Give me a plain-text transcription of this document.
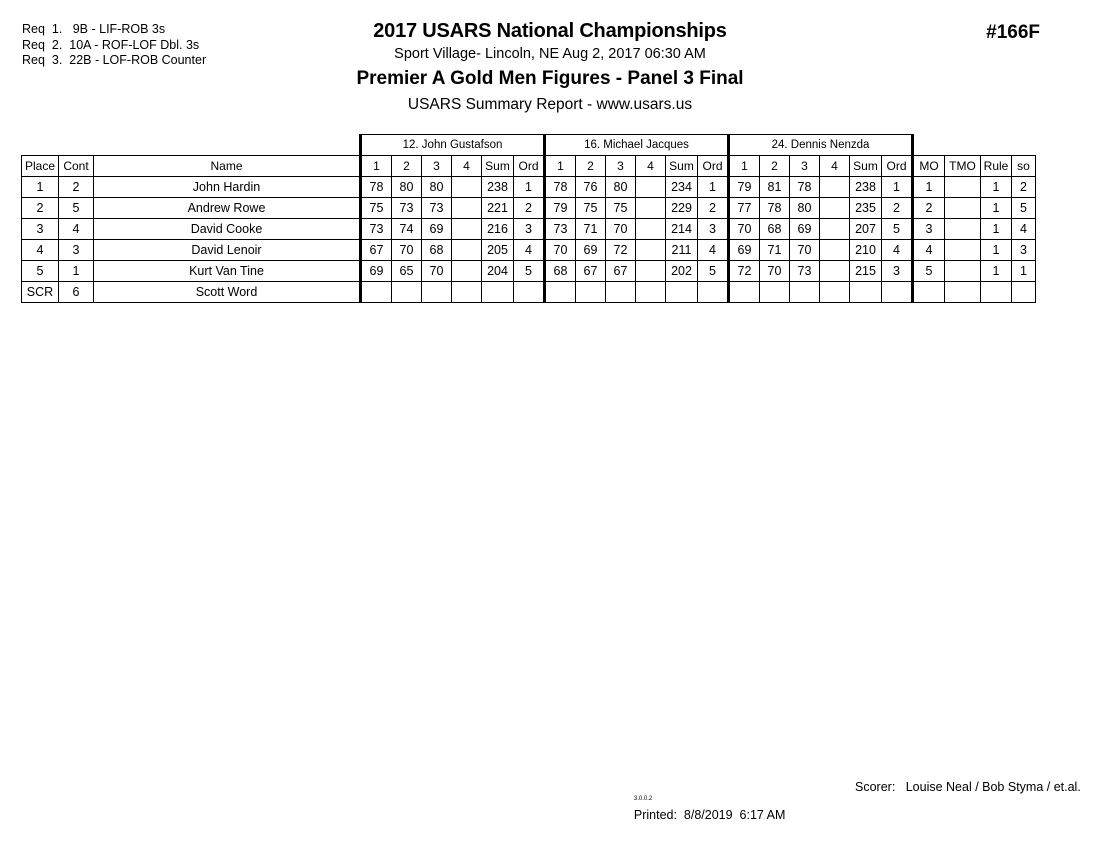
Req  1.   9B - LIF-ROB 3s
Req  2.  10A - ROF-LOF Dbl. 3s
Req  3.  22B - LOF-ROB Counter
2017 USARS National Championships
Sport Village- Lincoln, NE Aug 2, 2017 06:30 AM
Premier A Gold Men Figures - Panel 3 Final
USARS Summary Report - www.usars.us
#166F
			12. John Gustafson						16. Michael Jacques						24. Dennis Nenzda									
Place	Cont	Name	1	2	3	4	Sum	Ord	1	2	3	4	Sum	Ord	1	2	3	4	Sum	Ord	MO	TMO	Rule	so
1	2	John Hardin	78	80	80		238	1	78	76	80		234	1	79	81	78		238	1	1		1	2
2	5	Andrew Rowe	75	73	73		221	2	79	75	75		229	2	77	78	80		235	2	2		1	5
3	4	David Cooke	73	74	69		216	3	73	71	70		214	3	70	68	69		207	5	3		1	4
4	3	David Lenoir	67	70	68		205	4	70	69	72		211	4	69	71	70		210	4	4		1	3
5	1	Kurt Van Tine	69	65	70		204	5	68	67	67		202	5	72	70	73		215	3	5		1	1
SCR	6	Scott Word																						

$^{3.0.0.2}$
Printed:  8/8/2019  6:17 AM

Scorer:   Louise Neal / Bob Styma / et.al.
